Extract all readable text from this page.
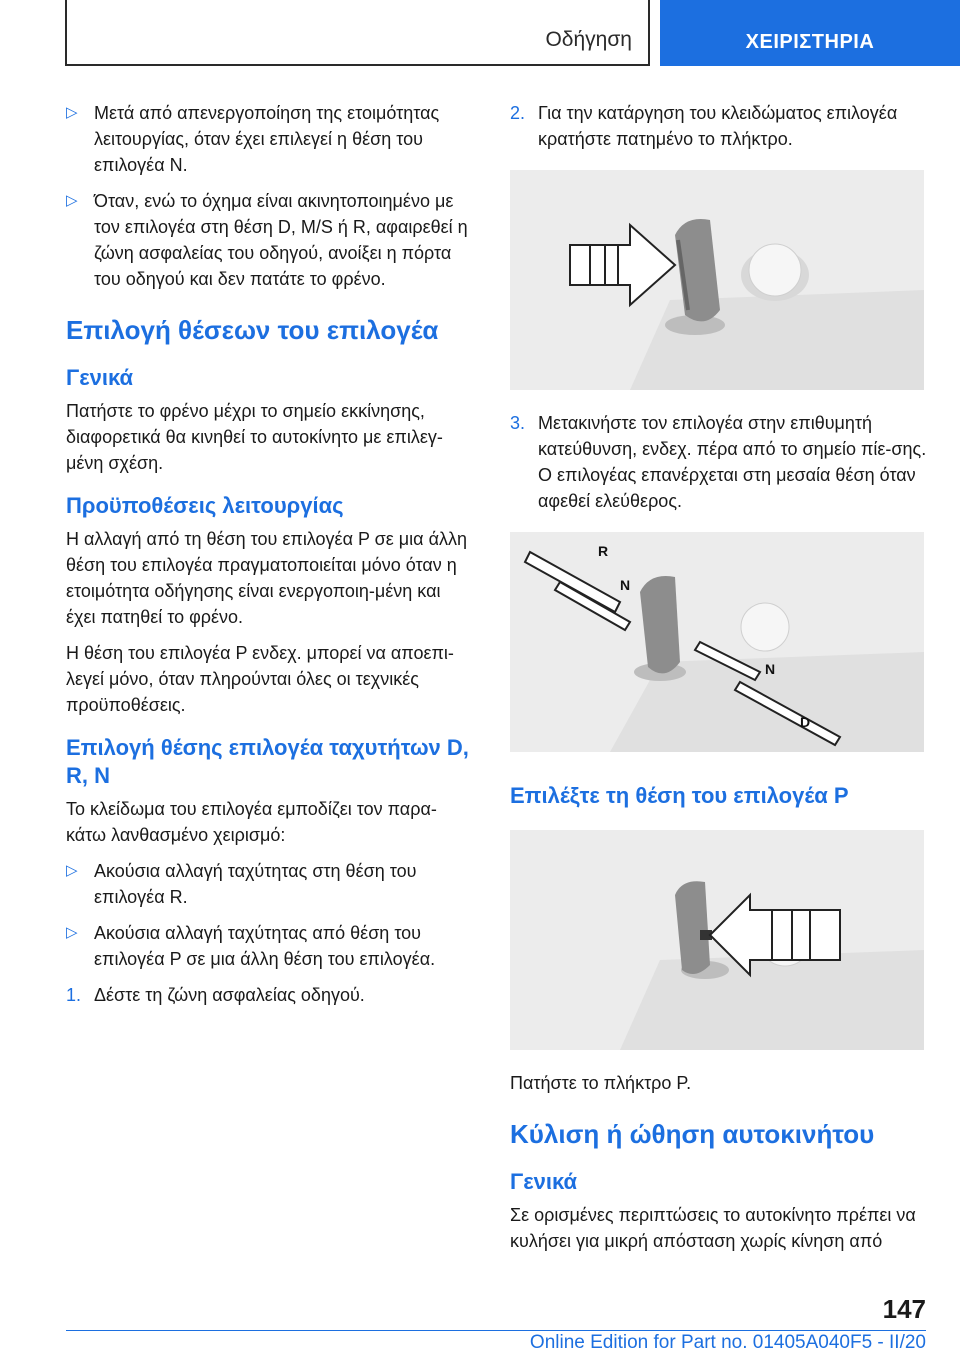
Οδήγηση	ΧΕΙΡΙΣΤΗΡΙΑ
▷ Μετά από απενεργοποίηση της ετοιμότητας λειτουργίας, όταν έχει επιλεγεί η θέση του επιλογέα N.
▷ Όταν, ενώ το όχημα είναι ακινητοποιημένο με τον επιλογέα στη θέση D, M/S ή R, αφαιρεθεί η ζώνη ασφαλείας του οδηγού, ανοίξει η πόρτα του οδηγού και δεν πατάτε το φρένο.
Επιλογή θέσεων του επιλογέα
Γενικά

Πατήστε το φρένο μέχρι το σημείο εκκίνησης, διαφορετικά θα κινηθεί το αυτοκίνητο με επιλεγ-μένη σχέση.

Προϋποθέσεις λειτουργίας

Η αλλαγή από τη θέση του επιλογέα P σε μια άλλη θέση του επιλογέα πραγματοποιείται μόνο όταν η ετοιμότητα οδήγησης είναι ενεργοποιη-μένη και έχει πατηθεί το φρένο.

Η θέση του επιλογέα P ενδεχ. μπορεί να αποεπι-λεγεί μόνο, όταν πληρούνται όλες οι τεχνικές προϋποθέσεις.

Επιλογή θέσης επιλογέα ταχυτήτων D, R, N

Το κλείδωμα του επιλογέα εμποδίζει τον παρα-κάτω λανθασμένο χειρισμό:

▷ Ακούσια αλλαγή ταχύτητας στη θέση του επιλογέα R.
▷ Ακούσια αλλαγή ταχύτητας από θέση του επιλογέα P σε μια άλλη θέση του επιλογέα.
1. Δέστε τη ζώνη ασφαλείας οδηγού.
2. Για την κατάργηση του κλειδώματος επιλογέα κρατήστε πατημένο το πλήκτρο.
3. Μετακινήστε τον επιλογέα στην επιθυμητή κατεύθυνση, ενδεχ. πέρα από το σημείο πίε-σης. Ο επιλογέας επανέρχεται στη μεσαία θέση όταν αφεθεί ελεύθερος.
R
N
N
D
Επιλέξτε τη θέση του επιλογέα P

Πατήστε το πλήκτρο P.

Κύλιση ή ώθηση αυτοκινήτου
Γενικά

Σε ορισμένες περιπτώσεις το αυτοκίνητο πρέπει να κυλήσει για μικρή απόσταση χωρίς κίνηση από

147
Online Edition for Part no. 01405A040F5 - II/20
